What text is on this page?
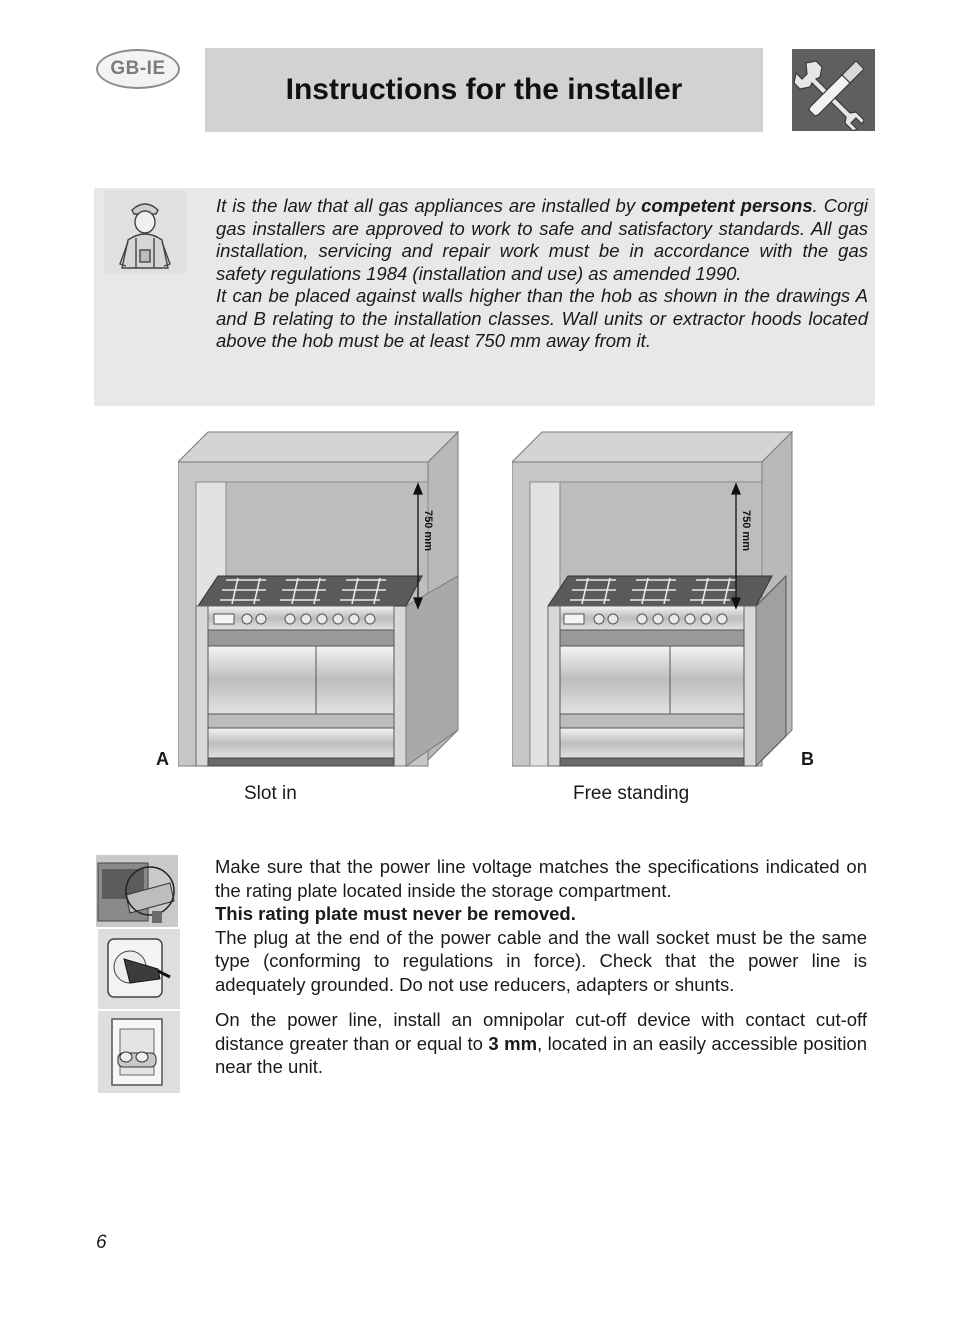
GB-IE
Instructions for the installer

It is the law that all gas appliances are installed by competent persons. Corgi gas installers are approved to work to safe and satisfactory standards. All gas installation, servicing and repair work must be in accordance with the gas safety regulations 1984 (installation and use) as amended 1990.

It can be placed against walls higher than the hob as shown in the drawings A and B relating to the installation classes. Wall units or extractor hoods located above the hob must be at least 750 mm away from it.

750 mm
A
Slot in
750 mm
B
Free standing

Make sure that the power line voltage matches the specifications indicated on the rating plate located inside the storage compartment.

This rating plate must never be removed.

The plug at the end of the power cable and the wall socket must be the same type (conforming to regulations in force). Check that the power line is adequately grounded. Do not use reducers, adapters or shunts.

On the power line, install an omnipolar cut-off device with contact cut-off distance greater than or equal to 3 mm, located in an easily accessible position near the unit.

6
